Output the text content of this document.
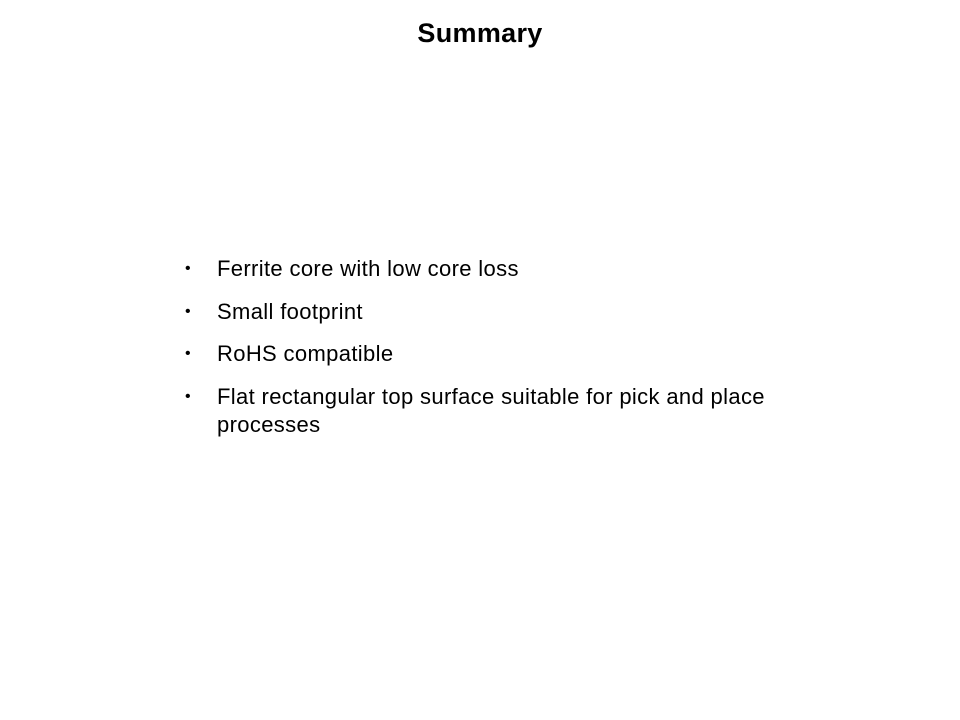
Summary
• Ferrite core with low core loss
• Small footprint
• RoHS compatible
• Flat rectangular top surface suitable for pick and place processes
